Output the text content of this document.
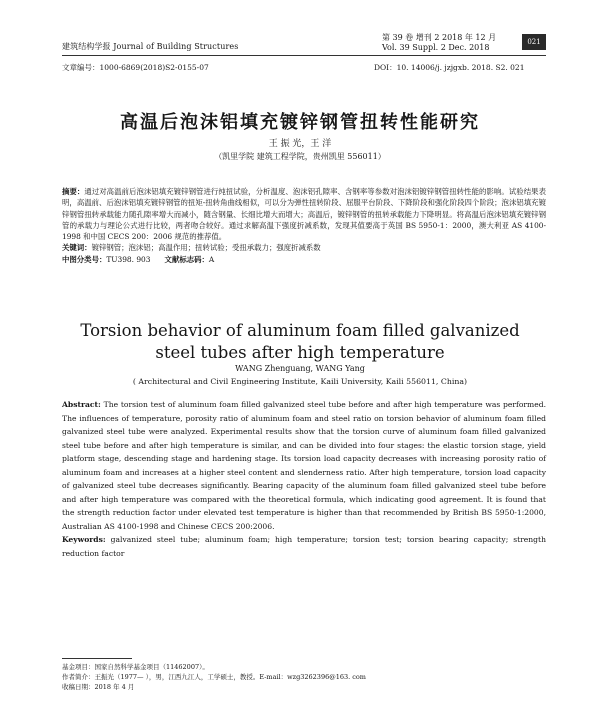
建筑结构学报 Journal of Building Structures
第 39 卷 增刊 2 2018 年 12 月
Vol. 39 Suppl. 2 Dec. 2018
021
文章编号：1000-6869(2018)S2-0155-07	DOI：10. 14006/j. jzjgxb. 2018. S2. 021
高温后泡沫铝填充镀锌钢管扭转性能研究
王 振 光，王 洋
（凯里学院 建筑工程学院，贵州凯里 556011）

摘要：通过对高温前后泡沫铝填充镀锌钢管进行纯扭试验，分析温度、泡沫铝孔隙率、含钢率等参数对泡沫铝镀锌钢管扭转性能的影响。试验结果表明，高温前、后泡沫铝填充镀锌钢管的扭矩-扭转角曲线相似，可以分为弹性扭转阶段、屈服平台阶段、下降阶段和强化阶段四个阶段；泡沫铝填充镀锌钢管扭转承载能力随孔隙率增大而减小，随含钢量、长细比增大而增大；高温后，镀锌钢管的扭转承载能力下降明显。将高温后泡沫铝填充镀锌钢管的承载力与理论公式进行比较，两者吻合较好。通过求解高温下强度折减系数，发现其值要高于英国 BS 5950-1：2000，澳大利亚 AS 4100-1998 和中国 CECS 200：2006 规范的推荐值。

关键词：镀锌钢管；泡沫铝；高温作用；扭转试验；受扭承载力；强度折减系数

中图分类号：TU398. 903 文献标志码：A

Torsion behavior of aluminum foam filled galvanized
steel tubes after high temperature
WANG Zhenguang, WANG Yang
( Architectural and Civil Engineering Institute, Kaili University, Kaili 556011, China)
Abstract: The torsion test of aluminum foam filled galvanized steel tube before and after high temperature was performed. The influences of temperature, porosity ratio of aluminum foam and steel ratio on torsion behavior of aluminum foam filled galvanized steel tube were analyzed. Experimental results show that the torsion curve of aluminum foam filled galvanized steel tube before and after high temperature is similar, and can be divided into four stages: the elastic torsion stage, yield platform stage, descending stage and hardening stage. Its torsion load capacity decreases with increasing porosity ratio of aluminum foam and increases at a higher steel content and slenderness ratio. After high temperature, torsion load capacity of galvanized steel tube decreases significantly. Bearing capacity of the aluminum foam filled galvanized steel tube before and after high temperature was compared with the theoretical formula, which indicating good agreement. It is found that the strength reduction factor under elevated test temperature is higher than that recommended by British BS 5950-1:2000, Australian AS 4100-1998 and Chinese CECS 200:2006.
Keywords: galvanized steel tube; aluminum foam; high temperature; torsion test; torsion bearing capacity; strength reduction factor
基金项目：国家自然科学基金项目（11462007）。
作者简介：王振光（1977— ），男，江西九江人，工学硕士，教授。E-mail：wzg3262396@163. com
收稿日期：2018 年 4 月
